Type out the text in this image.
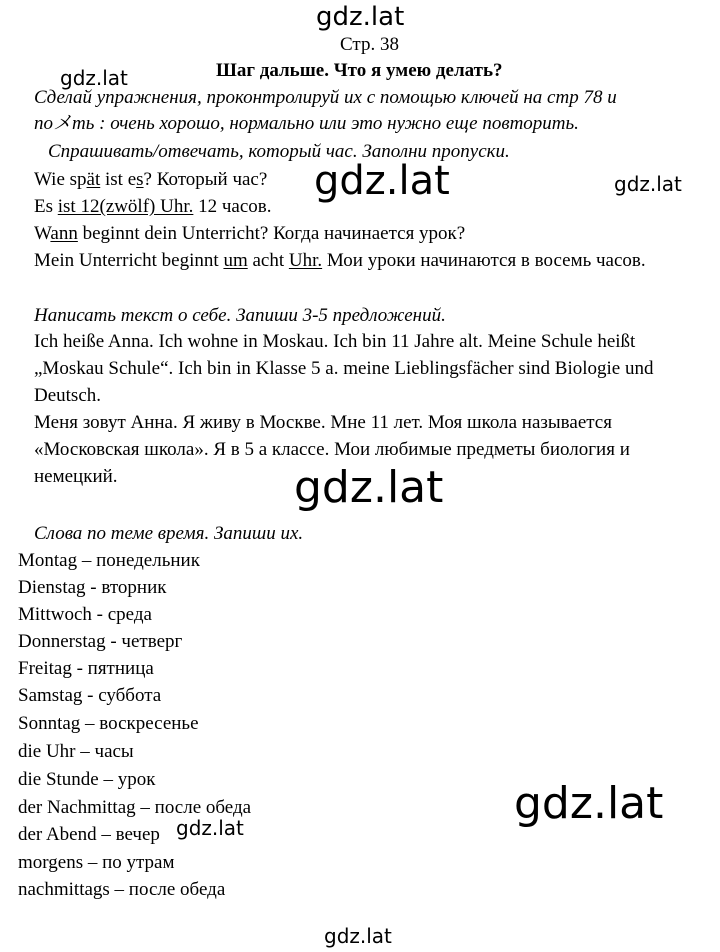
gdz.lat
gdz.lat
gdz.lat	gdz.lat
gdz.lat
gdz.lat
gdz.lat
gdz.lat
Стр. 38
Шаг дальше. Что я умею делать?
Сделай упражнения, проконтролируй их с помощью ключей на стр 78 и
поメть : очень хорошо, нормально или это нужно еще повторить.
Спрашивать/отвечать, который час. Заполни пропуски.
Wie spät ist es? Который час?
Es ist 12(zwölf) Uhr. 12 часов.
Wann beginnt dein Unterricht? Когда начинается урок?
Mein Unterricht beginnt um acht Uhr. Мои уроки начинаются в восемь часов.
Написать текст о себе. Запиши 3-5 предложений.
Ich heiße Anna. Ich wohne in Moskau. Ich bin 11 Jahre alt. Meine Schule heißt
„Moskau Schule“. Ich bin in Klasse 5 a. meine Lieblingsfächer sind Biologie und
Deutsch.
Меня зовут Анна. Я живу в Москве. Мне 11 лет. Моя школа называется
«Московская школа». Я в 5 а классе. Мои любимые предметы биология и
немецкий.
Слова по теме время. Запиши их.
Montag – понедельник
Dienstag - вторник
Mittwoch - среда
Donnerstag - четверг
Freitag - пятница
Samstag - суббота
Sonntag – воскресенье
die Uhr – часы
die Stunde – урок
der Nachmittag – после обеда
der Abend – вечер
morgens – по утрам
nachmittags – после обеда
